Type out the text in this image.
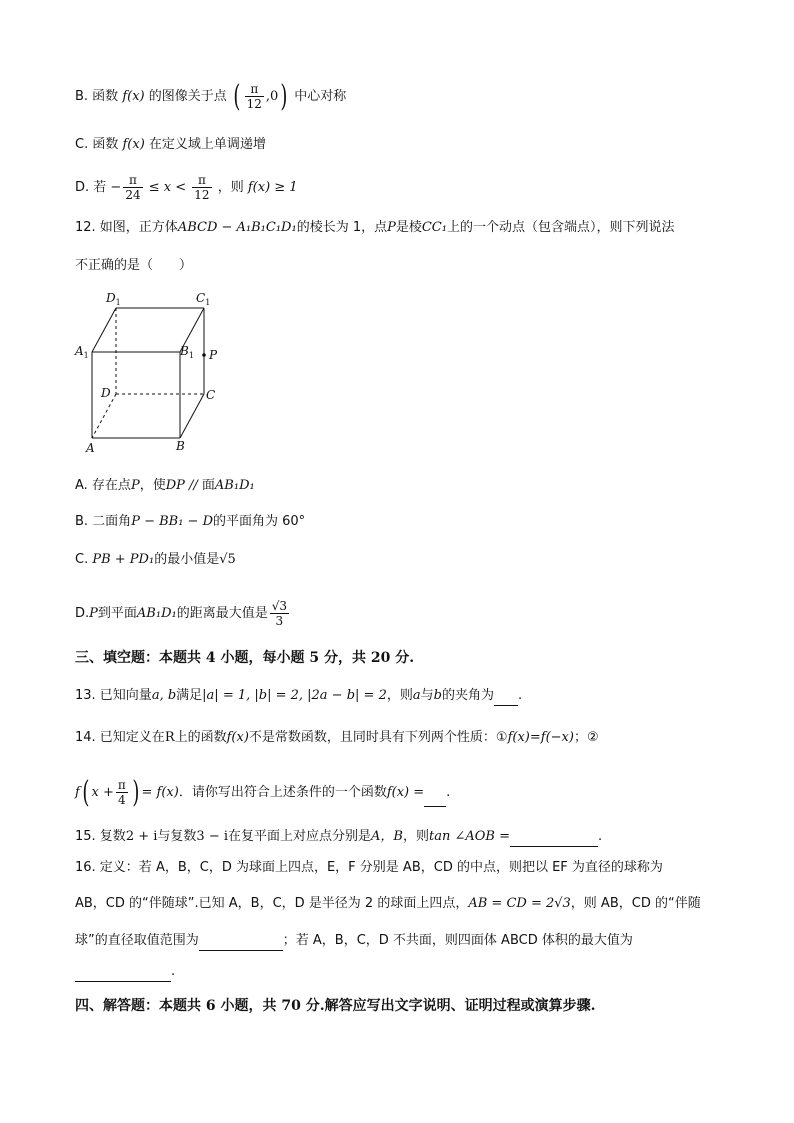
B. 函数 f(x) 的图像关于点 ( $\frac{\pi}{12} ,0$) 中心对称
C. 函数 f(x) 在定义域上单调递增
D. 若 − $\frac{\pi}{24} \le x < \frac{\pi}{12}$ ，则 f(x) ≥ 1
12. 如图，正方体ABCD − A₁B₁C₁D₁的棱长为 1，点P是棱CC₁上的一个动点（包含端点），则下列说法
不正确的是（　　）
$D_1$	$C_1$
$A_1$	$B_1$ P
D	C
A	B
A. 存在点P，使DP // 面AB₁D₁
B. 二面角P − BB₁ − D的平面角为 60°
C. PB + PD₁的最小值是√5
D.P到平面AB₁D₁的距离最大值是 $\frac{√3}{3}$
三、填空题：本题共 4 小题，每小题 5 分，共 20 分.
13. 已知向量a, b满足|a| = 1, |b| = 2, |2a − b| = 2，则a与b的夹角为 .
14. 已知定义在R上的函数f(x)不是常数函数，且同时具有下列两个性质：①f(x)=f(−x)；②
f( $x + \frac{\pi}{4}$ ) = f(x)．请你写出符合上述条件的一个函数f(x) = .
15. 复数2 + i与复数3 − i在复平面上对应点分别是A，B，则tan ∠AOB =	.
16. 定义：若 A，B，C，D 为球面上四点，E，F 分别是 AB，CD 的中点，则把以 EF 为直径的球称为
AB，CD 的“伴随球”.已知 A，B，C，D 是半径为 2 的球面上四点，AB = CD = 2√3，则 AB，CD 的“伴随
球”的直径取值范围为	；若 A，B，C，D 不共面，则四面体 ABCD 体积的最大值为
.
四、解答题：本题共 6 小题，共 70 分.解答应写出文字说明、证明过程或演算步骤.
